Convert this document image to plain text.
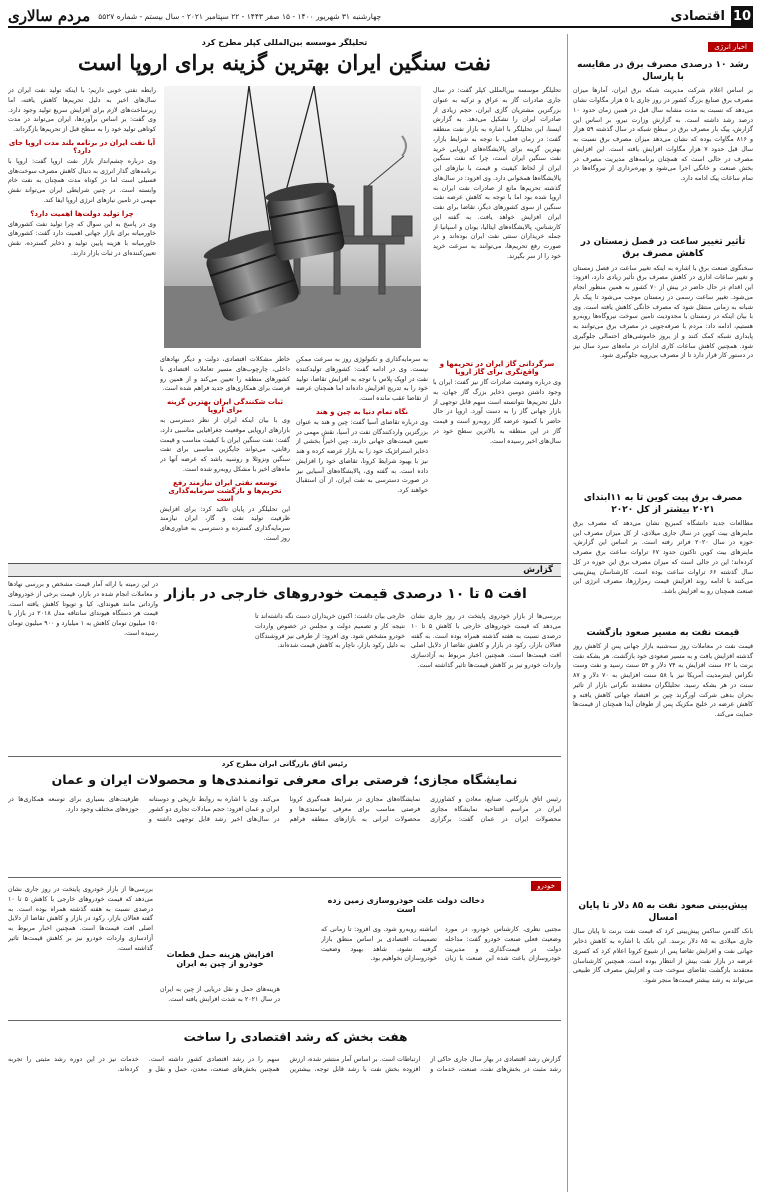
10
اقتصادی
چهارشنبه ۳۱ شهریور ۱۴۰۰ - ۱۵ صفر ۱۴۴۳ - ۲۲ سپتامبر ۲۰۲۱ - سال بیستم - شماره ۵۵۲۷
مردم سالاری
اخبار انرژی
رشد ۱۰ درصدی مصرف برق در مقایسه با پارسال
بر اساس اعلام شرکت مدیریت شبکه برق ایران، آمارها میزان مصرف برق صنایع بزرگ کشور در روز جاری با ۵ هزار مگاوات نشان می‌دهد که نسبت به مدت مشابه سال قبل در همین زمان حدود ۱۰ درصد رشد داشته است. به گزارش وزارت نیرو، بر اساس این گزارش، پیک بار مصرف برق در سطح شبکه در سال گذشته ۵۹ هزار و ۸۱۶ مگاوات بوده که نشان می‌دهد میزان مصرف برق نسبت به سال قبل حدود ۷ هزار مگاوات افزایش یافته است. این افزایش مصرف در حالی است که همچنان برنامه‌های مدیریت مصرف در بخش صنعت و خانگی اجرا می‌شود و بهره‌برداری از نیروگاه‌ها در تمام ساعات پیک ادامه دارد.
تأثیر تغییر ساعت در فصل زمستان در کاهش مصرف برق
سخنگوی صنعت برق با اشاره به اینکه تغییر ساعت در فصل زمستان و تغییر ساعات اداری در کاهش مصرف برق تأثیر زیادی دارد، افزود: این اقدام در حال حاضر در بیش از ۷۰ کشور به همین منظور انجام می‌شود. تغییر ساعت رسمی در زمستان موجب می‌شود تا پیک بار شبانه به زمانی منتقل شود که مصرف خانگی کاهش یافته است. وی با بیان اینکه در زمستان با محدودیت تامین سوخت نیروگاه‌ها روبه‌رو هستیم، ادامه داد: مردم با صرفه‌جویی در مصرف برق می‌توانند به پایداری شبکه کمک کنند و از بروز خاموشی‌های احتمالی جلوگیری شود. همچنین کاهش ساعات کاری ادارات در ماه‌های سرد سال نیز در دستور کار قرار دارد تا از مصرف بی‌رویه جلوگیری شود.
مصرف برق پیت کوین تا به ۱۱ابتدای ۲۰۲۱ بیشتر از کل ۲۰۲۰
مطالعات جدید دانشگاه کمبریج نشان می‌دهد که مصرف برق ماینرهای بیت کوین در سال جاری میلادی، از کل میزان مصرف این حوزه در سال ۲۰۲۰ فراتر رفته است. بر اساس این گزارش، ماینرهای بیت کوین تاکنون حدود ۶۷ تراوات ساعت برق مصرف کرده‌اند؛ این در حالی است که میزان مصرف برق این حوزه در کل سال گذشته ۶۶ تراوات ساعت بوده است. کارشناسان پیش‌بینی می‌کنند با ادامه روند افزایش قیمت رمزارزها، مصرف انرژی این صنعت همچنان رو به افزایش باشد.
قیمت نفت به مسیر صعود بازگشت
قیمت نفت در معاملات روز سه‌شنبه بازار جهانی پس از کاهش روز گذشته افزایش یافت و به مسیر صعودی خود بازگشت. هر بشکه نفت برنت با ۶۲ سنت افزایش به ۷۴ دلار و ۵۴ سنت رسید و نفت وست تگزاس اینترمدیت آمریکا نیز با ۵۸ سنت افزایش به ۷۰ دلار و ۸۷ سنت در هر بشکه رسید. تحلیلگران معتقدند نگرانی بازار از تاثیر بحران بدهی شرکت اورگرند چین بر اقتصاد جهانی کاهش یافته و کاهش عرضه در خلیج مکزیک پس از طوفان آیدا همچنان از قیمت‌ها حمایت می‌کند.
پیش‌بینی صعود نفت به ۸۵ دلار تا پایان امسال
بانک گلدمن ساکس پیش‌بینی کرد که قیمت نفت برنت تا پایان سال جاری میلادی به ۸۵ دلار برسد. این بانک با اشاره به کاهش ذخایر جهانی نفت و افزایش تقاضا پس از شیوع کرونا اعلام کرد که کسری عرضه در بازار نفت بیش از انتظار بوده است. همچنین کارشناسان معتقدند بازگشت تقاضای سوخت جت و افزایش مصرف گاز طبیعی می‌تواند به رشد بیشتر قیمت‌ها منجر شود.
تحلیلگر موسسه بین‌المللی کپلر مطرح کرد
نفت سنگین ایران بهترین گزینه برای اروپا است
تحلیلگر موسسه بین‌المللی کپلر گفت: در سال جاری صادرات گاز به عراق و ترکیه به عنوان بزرگترین مشتریان گازی ایران، حجم زیادی از صادرات ایران را تشکیل می‌دهد. به گزارش ایسنا، این تحلیلگر با اشاره به بازار نفت منطقه گفت: در زمان فعلی، با توجه به شرایط بازار، بهترین گزینه برای پالایشگاه‌های اروپایی خرید نفت سنگین ایران است، چرا که نفت سنگین ایران از لحاظ کیفیت و قیمت با نیازهای این پالایشگاه‌ها همخوانی دارد. وی افزود: در سال‌های گذشته تحریم‌ها مانع از صادرات نفت ایران به اروپا شده بود اما با توجه به کاهش عرضه نفت سنگین از سوی کشورهای دیگر، تقاضا برای نفت ایران افزایش خواهد یافت. به گفته این کارشناس، پالایشگاه‌های ایتالیا، یونان و اسپانیا از جمله خریداران سنتی نفت ایران بوده‌اند و در صورت رفع تحریم‌ها، می‌توانند به سرعت خرید خود را از سر بگیرند.
سرگردانی گاز ایران در تحریمها و واقع‌نگری برای گاز اروپا
وی درباره وضعیت صادرات گاز نیز گفت: ایران با وجود داشتن دومین ذخایر بزرگ گاز جهان، به دلیل تحریم‌ها نتوانسته است سهم قابل توجهی از بازار جهانی گاز را به دست آورد. اروپا در حال حاضر با کمبود عرضه گاز روبه‌رو است و قیمت گاز در این منطقه به بالاترین سطح خود در سال‌های اخیر رسیده است.
به سرمایه‌گذاری و تکنولوژی روز به سرعت ممکن نیست. وی در ادامه گفت: کشورهای تولیدکننده نفت در اوپک پلاس با توجه به افزایش تقاضا، تولید خود را به تدریج افزایش داده‌اند اما همچنان عرضه از تقاضا عقب مانده است.
نگاه تمام دنیا به چین و هند
وی درباره تقاضای آسیا گفت: چین و هند به عنوان بزرگترین واردکنندگان نفت در آسیا، نقش مهمی در تعیین قیمت‌های جهانی دارند. چین اخیراً بخشی از ذخایر استراتژیک خود را به بازار عرضه کرده و هند نیز با بهبود شرایط کرونا، تقاضای خود را افزایش داده است. به گفته وی، پالایشگاه‌های آسیایی نیز در صورت دسترسی به نفت ایران، از آن استقبال خواهند کرد.
خاطر مشکلات اقتصادی، دولت و دیگر نهادهای داخلی، چارچوب‌های مسیر تعاملات اقتصادی با کشورهای منطقه را تعیین می‌کند و از همین رو فرصت برای همکاری‌های جدید فراهم شده است.
ثبات شکنندگی ایران بهترین گزینه برای اروپا
وی با بیان اینکه ایران از نظر دسترسی به بازارهای اروپایی موقعیت جغرافیایی مناسبی دارد، گفت: نفت سنگین ایران با کیفیت مناسب و قیمت رقابتی، می‌تواند جایگزین مناسبی برای نفت سنگین ونزوئلا و روسیه باشد که عرضه آنها در ماه‌های اخیر با مشکل روبه‌رو شده است.
توسعه نفتی ایران نیازمند رفع تحریم‌ها و بازگشت سرمایه‌گذاری است
این تحلیلگر در پایان تاکید کرد: برای افزایش ظرفیت تولید نفت و گاز، ایران نیازمند سرمایه‌گذاری گسترده و دسترسی به فناوری‌های روز است.
رابطه نفتی خوبی داریم؛ با اینکه تولید نفت ایران در سال‌های اخیر به دلیل تحریم‌ها کاهش یافته، اما زیرساخت‌های لازم برای افزایش سریع تولید وجود دارد. وی گفت: بر اساس برآوردها، ایران می‌تواند در مدت کوتاهی تولید خود را به سطح قبل از تحریم‌ها بازگرداند.
آیا نفت ایران در برنامه بلند مدت اروپا جای دارد؟
وی درباره چشم‌انداز بازار نفت اروپا گفت: اروپا با برنامه‌های گذار انرژی به دنبال کاهش مصرف سوخت‌های فسیلی است اما در کوتاه مدت همچنان به نفت خام وابسته است. در چنین شرایطی ایران می‌تواند نقش مهمی در تامین نیازهای انرژی اروپا ایفا کند.
چرا تولید دولت‌ها اهمیت دارد؟
وی در پاسخ به این سوال که چرا تولید نفت کشورهای خاورمیانه برای بازار جهانی اهمیت دارد گفت: کشورهای خاورمیانه با هزینه پایین تولید و ذخایر گسترده، نقش تعیین‌کننده‌ای در ثبات بازار دارند.
گزارش
افت ۵ تا ۱۰ درصدی قیمت خودروهای خارجی در بازار
بررسی‌ها از بازار خودروی پایتخت در روز جاری نشان می‌دهد که قیمت خودروهای خارجی با کاهش ۵ تا ۱۰ درصدی نسبت به هفته گذشته همراه بوده است. به گفته فعالان بازار، رکود در بازار و کاهش تقاضا از دلایل اصلی افت قیمت‌ها است. همچنین اخبار مربوط به آزادسازی واردات خودرو نیز بر کاهش قیمت‌ها تاثیر گذاشته است.
خارجی بیان داشت: اکنون خریداران دست نگه داشته‌اند تا نتیجه کار و تصمیم دولت و مجلس در خصوص واردات خودرو مشخص شود. وی افزود: از طرفی نیز فروشندگان به دلیل رکود بازار، ناچار به کاهش قیمت شده‌اند.
در این زمینه با ارائه آمار قیمت مشخص و بررسی نهادها و معاملات انجام شده در بازار، قیمت برخی از خودروهای وارداتی مانند هیوندای، کیا و تویوتا کاهش یافته است. قیمت هر دستگاه هیوندای سانتافه مدل ۲۰۱۸ در بازار با ۱۵۰ میلیون تومان کاهش به ۱ میلیارد و ۹۰۰ میلیون تومان رسیده است.
رئیس اتاق بازرگانی ایران مطرح کرد
نمایشگاه مجازی؛ فرصتی برای معرفی توانمندی‌ها و محصولات ایران و عمان
رئیس اتاق بازرگانی، صنایع، معادن و کشاورزی ایران در مراسم افتتاحیه نمایشگاه مجازی محصولات ایران در عمان گفت: برگزاری نمایشگاه‌های مجازی در شرایط همه‌گیری کرونا فرصتی مناسب برای معرفی توانمندی‌ها و محصولات ایرانی به بازارهای منطقه فراهم می‌کند. وی با اشاره به روابط تاریخی و دوستانه ایران و عمان افزود: حجم مبادلات تجاری دو کشور در سال‌های اخیر رشد قابل توجهی داشته و ظرفیت‌های بسیاری برای توسعه همکاری‌ها در حوزه‌های مختلف وجود دارد.
خودرو
دخالت دولت علت خودروسازی زمین زده است
مجتبی نظری، کارشناس خودرو، در مورد وضعیت فعلی صنعت خودرو گفت: مداخله دولت در قیمت‌گذاری و مدیریت خودروسازان باعث شده این صنعت با زیان انباشته روبه‌رو شود. وی افزود: تا زمانی که تصمیمات اقتصادی بر اساس منطق بازار گرفته نشود، شاهد بهبود وضعیت خودروسازان نخواهیم بود.
افزایش هزینه حمل قطعات خودرو از چین به ایران
هزینه‌های حمل و نقل دریایی از چین به ایران در سال ۲۰۲۱ به شدت افزایش یافته است.
بررسی‌ها از بازار خودروی پایتخت در روز جاری نشان می‌دهد که قیمت خودروهای خارجی با کاهش ۵ تا ۱۰ درصدی نسبت به هفته گذشته همراه بوده است. به گفته فعالان بازار، رکود در بازار و کاهش تقاضا از دلایل اصلی افت قیمت‌ها است. همچنین اخبار مربوط به آزادسازی واردات خودرو نیز بر کاهش قیمت‌ها تاثیر گذاشته است.
هفت بخش که رشد اقتصادی را ساخت
گزارش رشد اقتصادی در بهار سال جاری حاکی از رشد مثبت در بخش‌های نفت، صنعت، خدمات و ارتباطات است. بر اساس آمار منتشر شده، ارزش افزوده بخش نفت با رشد قابل توجه، بیشترین سهم را در رشد اقتصادی کشور داشته است. همچنین بخش‌های صنعت، معدن، حمل و نقل و خدمات نیز در این دوره رشد مثبتی را تجربه کرده‌اند.
